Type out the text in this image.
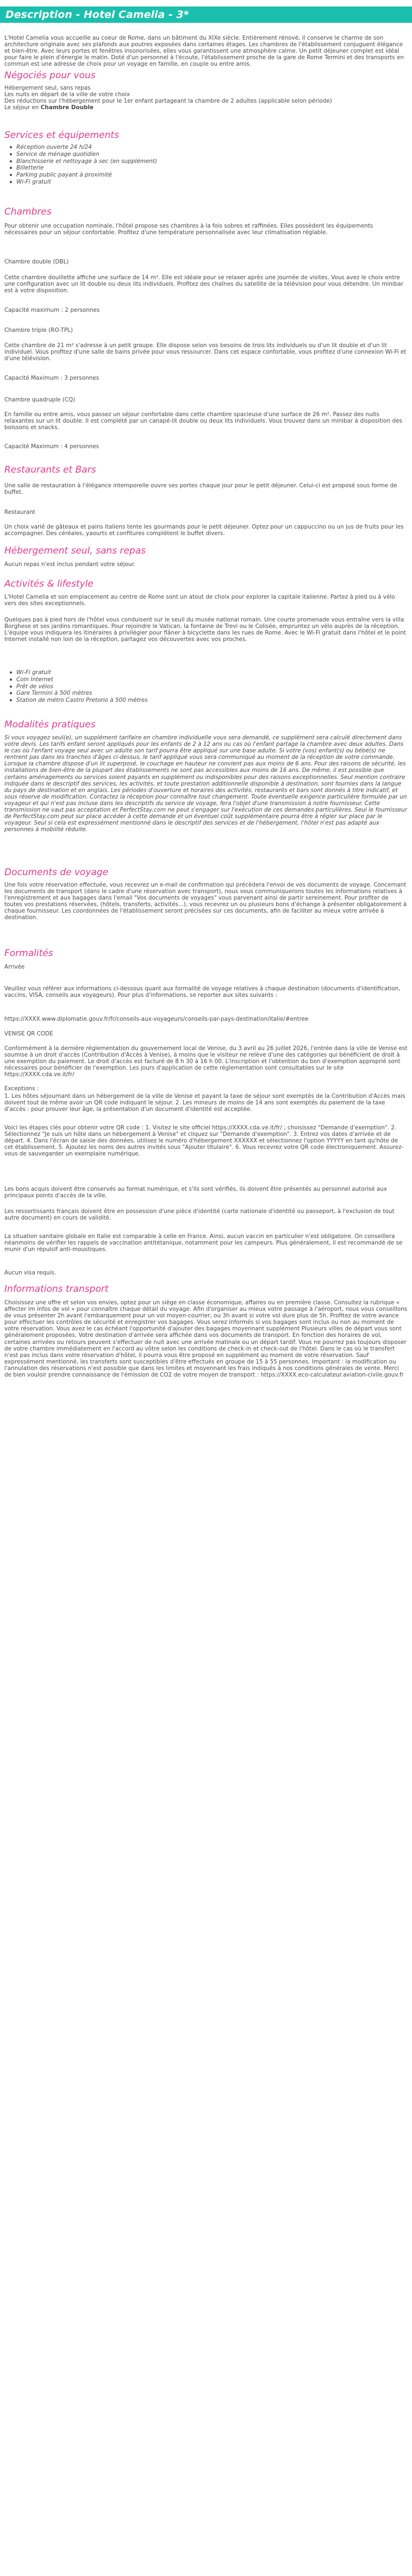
Description - Hotel Camelia - 3*
L'Hotel Camelia vous accueille au coeur de Rome, dans un bâtiment du XIXe siècle. Entièrement rénové, il conserve le charme de son architecture originale avec ses plafonds aux poutres exposées dans certaines étages. Les chambres de l'établissement conjuguent élégance et bien-être. Avec leurs portes et fenêtres insonorisées, elles vous garantissent une atmosphère calme. Un petit déjeuner complet est idéal pour faire le plein d'énergie le matin. Doté d'un personnel à l'écoute, l'établissement proche de la gare de Rome Termini et des transports en commun est une adresse de choix pour un voyage en famille, en couple ou entre amis.
Négociés pour vous
Hébergement seul, sans repas
Les nuits en départ de la ville de votre choix
Des réductions sur l'hébergement pour le 1er enfant partageant la chambre de 2 adultes (applicable selon période)
Le séjour en Chambre Double
Services et équipements
Réception ouverte 24 h/24
Service de ménage quotidien
Blanchisserie et nettoyage à sec (en supplément)
Billetterie
Parking public payant à proximité
Wi-Fi gratuit
Chambres
Pour obtenir une occupation nominale, l'hôtel propose ses chambres à la fois sobres et raffinées. Elles possèdent les équipements nécessaires pour un séjour confortable. Profitez d'une température personnalisée avec leur climatisation réglable.
Chambre double (DBL)
Cette chambre douillette affiche une surface de 14 m². Elle est idéale pour se relaxer après une journée de visites. Vous avez le choix entre une configuration avec un lit double ou deux lits individuels. Profitez des chaînes du satellite de la télévision pour vous détendre. Un minibar est à votre disposition.
Capacité maximum : 2 personnes
Chambre triple (RO-TPL)
Cette chambre de 21 m² s'adresse à un petit groupe. Elle dispose selon vos besoins de trois lits individuels ou d'un lit double et d'un lit individuel. Vous profitez d'une salle de bains privée pour vous ressourcer. Dans cet espace confortable, vous profitez d'une connexion Wi-Fi et d'une télévision.
Capacité Maximum : 3 personnes
Chambre quadruple (CQ)
En famille ou entre amis, vous passez un séjour confortable dans cette chambre spacieuse d'une surface de 26 m². Passez des nuits relaxantes sur un lit double. Il est complété par un canapé-lit double ou deux lits individuels. Vous trouvez dans un minibar à disposition des boissons et snacks.
Capacité Maximum : 4 personnes
Restaurants et Bars
Une salle de restauration à l'élégance intemporelle ouvre ses portes chaque jour pour le petit déjeuner. Celui-ci est proposé sous forme de buffet.
Restaurant
Un choix varié de gâteaux et pains italiens tente les gourmands pour le petit déjeuner. Optez pour un cappuccino ou un jus de fruits pour les accompagner. Des céréales, yaourts et confitures complètent le buffet divers.
Hébergement seul, sans repas
Aucun repas n'est inclus pendant votre séjour.
Activités & lifestyle
L'Hotel Camelia et son emplacement au centre de Rome sont un atout de choix pour explorer la capitale italienne. Partez à pied ou à vélo vers des sites exceptionnels.
Quelques pas à pied hors de l'hôtel vous conduisent sur le seuil du musée national romain. Une courte promenade vous entraîne vers la villa Borghese et ses jardins romantiques. Pour rejoindre le Vatican, la fontaine de Trevi ou le Colisée, empruntez un vélo auprès de la réception. L'équipe vous indiquera les itinéraires à privilégier pour flâner à bicyclette dans les rues de Rome. Avec le Wi-Fi gratuit dans l'hôtel et le point Internet installé non loin de la réception, partagez vos découvertes avec vos proches.
Wi-Fi gratuit
Coin Internet
Prêt de vélos
Gare Termini à 500 mètres
Station de métro Castro Pretorio à 500 mètres
Modalités pratiques
Si vous voyagez seul(e), un supplément tarifaire en chambre individuelle vous sera demandé, ce supplément sera calculé directement dans votre devis. Les tarifs enfant seront appliqués pour les enfants de 2 à 12 ans ou cas où l'enfant partage la chambre avec deux adultes. Dans le cas où l'enfant voyage seul avec un adulte son tarif pourra être appliqué sur une base adulte. Si votre (vos) enfant(s) ou bébé(s) ne rentrent pas dans les tranches d'âges ci-dessus, le tarif appliqué vous sera communiqué au moment de la réception de votre commande. Lorsque la chambre dispose d'un lit superposé, le couchage en hauteur ne convient pas aux moins de 6 ans. Pour des raisons de sécurité, les installations de bien-être de la plupart des établissements ne sont pas accessibles aux moins de 16 ans. De même, il est possible que certains aménagements ou services soient payants en supplément ou indisponibles pour des raisons exceptionnelles. Seul mention contraire indiquée dans le descriptif des services, les activités, et toute prestation additionnelle disponible à destination, sont fournies dans la langue du pays de destination et en anglais. Les périodes d'ouverture et horaires des activités, restaurants et bars sont donnés à titre indicatif, et sous réserve de modification. Contactez la réception pour connaître tout changement. Toute éventuelle exigence particulière formulée par un voyageur et qui n'est pas incluse dans les descriptifs du service de voyage, fera l'objet d'une transmission à notre fournisseur. Cette transmission ne vaut pas acceptation et PerfectStay.com ne peut s'engager sur l'exécution de ces demandes particulières. Seul le fournisseur de PerfectStay.com peut sur place accéder à cette demande et un éventuel coût supplémentaire pourra être à régler sur place par le voyageur. Seul si cela est expressément mentionné dans le descriptif des services et de l'hébergement, l'hôtel n'est pas adapté aux personnes à mobilité réduite.
Documents de voyage
Une fois votre réservation effectuée, vous recevrez un e-mail de confirmation qui précèdera l'envoi de vos documents de voyage. Concernant les documents de transport (dans le cadre d'une réservation avec transport), nous vous communiquerons toutes les informations relatives à l'enregistrement et aux bagages dans l'email "Vos documents de voyages" vous parvenant ainsi de partir sereinement. Pour profiter de toutes vos prestations réservées, (hôtels, transferts, activités...), vous recevrez un ou plusieurs bons d'échange à présenter obligatoirement à chaque fournisseur. Les coordonnées de l'établissement seront précisées sur ces documents, afin de faciliter au mieux votre arrivée à destination.
Formalités
Arrivée
Veuillez vous référer aux informations ci-dessous quant aux formalité de voyage relatives à chaque destination (documents d'identification, vaccins, VISA, conseils aux voyageurs). Pour plus d'informations, se reporter aux sites suivants :
https://XXXX.www.diplomatie.gouv.fr/fr/conseils-aux-voyageurs/conseils-par-pays-destination/italie/#entree
VENISE QR CODE
Conformément à la dernière réglementation du gouvernement local de Venise, du 3 avril au 26 juillet 2026, l'entrée dans la ville de Venise est soumise à un droit d'accès (Contribution d'Accès à Venise), à moins que le visiteur ne relève d'une des catégories qui bénéficient de droit à une exemption du paiement. Le droit d'accès est facturé de 8 h 30 à 16 h 00. L'inscription et l'obtention du bon d'exemption approprié sont nécessaires pour bénéficier de l'exemption. Les jours d'application de cette réglementation sont consultables sur le site https://XXXX.cda.ve.it/fr/
Exceptions :
1. Les hôtes séjournant dans un hébergement de la ville de Venise et payant la taxe de séjour sont exemptés de la Contribution d'Accès mais doivent tout de même avoir un QR code indiquant le séjour. 2. Les mineurs de moins de 14 ans sont exemptés du paiement de la taxe d'accès : pour prouver leur âge, la présentation d'un document d'identité est acceptée.
Voici les étapes clés pour obtenir votre QR code : 1. Visitez le site officiel https://XXXX.cda.ve.it/fr/ ; choisissez "Demande d'exemption". 2. Sélectionnez "Je suis un hôte dans un hébergement à Venise" et cliquez sur "Demande d'exemption". 3. Entrez vos dates d'arrivée et de départ. 4. Dans l'écran de saisie des données, utilisez le numéro d'hébergement XXXXXX et sélectionnez l'option YYYYY en tant qu'hôte de cet établissement. 5. Ajoutez les noms des autres invités sous "Ajouter tItulaire". 6. Vous recevrez votre QR code électroniquement. Assurez-vous de sauvegarder un exemplaire numérique.
Les bons acquis doivent être conservés au format numérique, et s'ils sont vérifiés, ils doivent être présentés au personnel autorisé aux principaux points d'accès de la ville.
Les ressortissants français doivent être en possession d'une pièce d'identité (carte nationale d'identité ou passeport, à l'exclusion de tout autre document) en cours de validité.
La situation sanitaire globale en Italie est comparable à celle en France. Ainsi, aucun vaccin en particulier n'est obligatoire. On conseillera néanmoins de vérifier les rappels de vaccination antitétanique, notamment pour les campeurs. Plus généralement, il est recommandé de se munir d'un répulsif anti-moustiques.
Aucun visa requis.
Informations transport
Choisissez une offre et selon vos envies, optez pour un siège en classe économique, affaires ou en première classe. Consultez la rubrique « affecter im infos de vol » pour connaître chaque détail du voyage. Afin d'organiser au mieux votre passage à l'aéroport, nous vous conseillons de vous présenter 2h avant l'embarquement pour un vol moyen-courrier, ou 3h avant si votre vol dure plus de 5h. Profitez de votre avance pour effectuer les contrôles de sécurité et enregistrer vos bagages. Vous serez informés si vos bagages sont inclus ou non au moment de votre réservation. Vous avez le cas échéant l'opportunité d'ajouter des bagages moyennant supplément Plusieurs villes de départ vous sont généralement proposées. Votre destination d'arrivée sera affichée dans vos documents de transport. En fonction des horaires de vol, certaines arrivées ou retours peuvent s'effectuer de nuit avec une arrivée matinale ou un départ tardif. Vous ne pourrez pas toujours disposer de votre chambre immédiatement en l'accord au vôtre selon les conditions de check-in et check-out de l'hôtel. Dans le cas où le transfert n'est pas inclus dans votre réservation d'hôtel, il pourra vous être proposé en supplément au moment de votre réservation. Sauf expressément mentionné, les transferts sont susceptibles d'être effectués en groupe de 15 à 55 personnes. Important : la modification ou l'annulation des réservations n'est possible que dans les limites et moyennant les frais indiqués à nos conditions générales de vente. Merci de bien vouloir prendre connaissance de l'émission de CO2 de votre moyen de transport : https://XXXX.eco-calculateur.aviation-civile.gouv.fr
